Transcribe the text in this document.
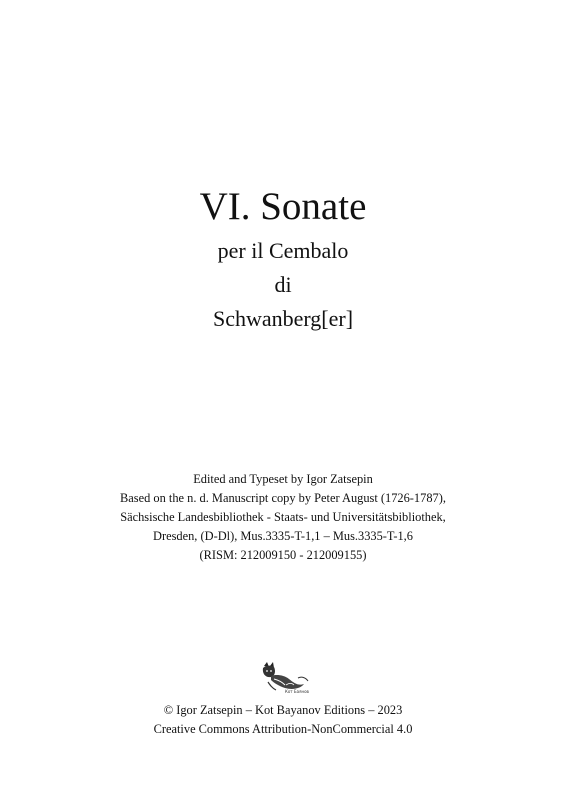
VI. Sonate

per il Cembalo

di

Schwanberg[er]

Edited and Typeset by Igor Zatsepin
Based on the n. d. Manuscript copy by Peter August (1726-1787),
Sächsische Landesbibliothek - Staats- und Universitätsbibliothek,
Dresden, (D-Dl), Mus.3335-T-1,1 – Mus.3335-T-1,6
(RISM: 212009150 - 212009155)
Кот Баянов
© Igor Zatsepin – Kot Bayanov Editions – 2023
Creative Commons Attribution-NonCommercial 4.0
